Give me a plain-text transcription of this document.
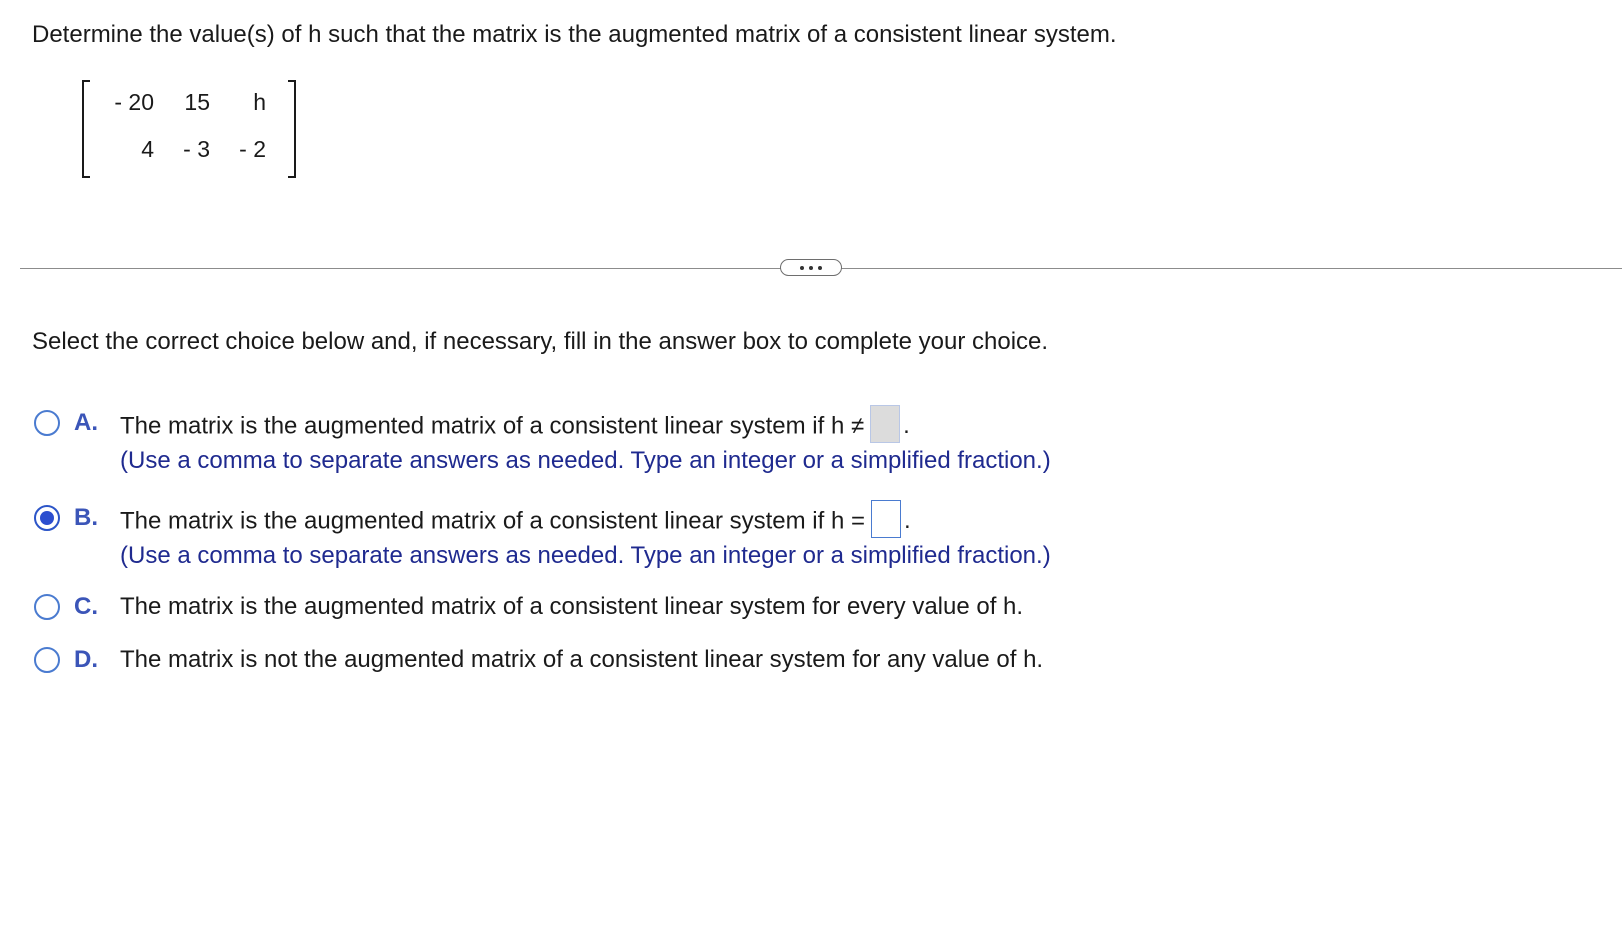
Determine the value(s) of h such that the matrix is the augmented matrix of a consistent linear system.
- 20 15 h
4 - 3 - 2
Select the correct choice below and, if necessary, fill in the answer box to complete your choice.
A. The matrix is the augmented matrix of a consistent linear system if h ≠ .
(Use a comma to separate answers as needed. Type an integer or a simplified fraction.)
B. The matrix is the augmented matrix of a consistent linear system if h = .
(Use a comma to separate answers as needed. Type an integer or a simplified fraction.)
C. The matrix is the augmented matrix of a consistent linear system for every value of h.
D. The matrix is not the augmented matrix of a consistent linear system for any value of h.
